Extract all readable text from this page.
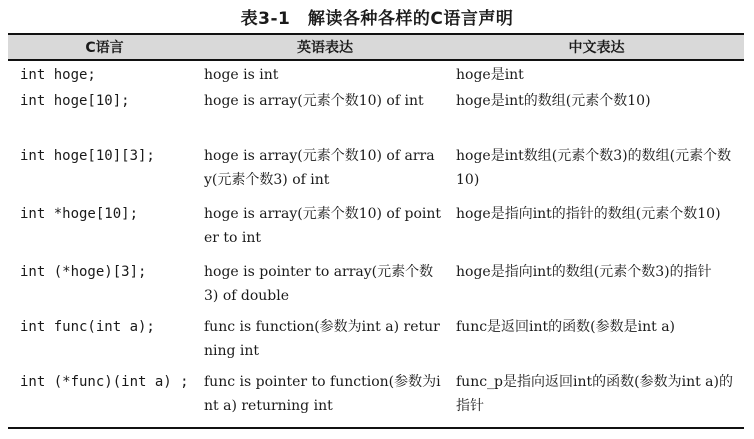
表3-1　解读各种各样的C语言声明
C语言	英语表达	中文表达
int hoge;	hoge is int	hoge是int
int hoge[10];	hoge is array(元素个数10) of int	hoge是int的数组(元素个数10)
int hoge[10][3];	hoge is array(元素个数10) of array(元素个数3) of int	hoge是int数组(元素个数3)的数组(元素个数10)
int *hoge[10];	hoge is array(元素个数10) of pointer to int	hoge是指向int的指针的数组(元素个数10)
int (*hoge)[3];	hoge is pointer to array(元素个数3) of double	hoge是指向int的数组(元素个数3)的指针
int func(int a);	func is function(参数为int a) returning int	func是返回int的函数(参数是int a)
int (*func)(int a) ;	func is pointer to function(参数为int a) returning int	func_p是指向返回int的函数(参数为int a)的指针
